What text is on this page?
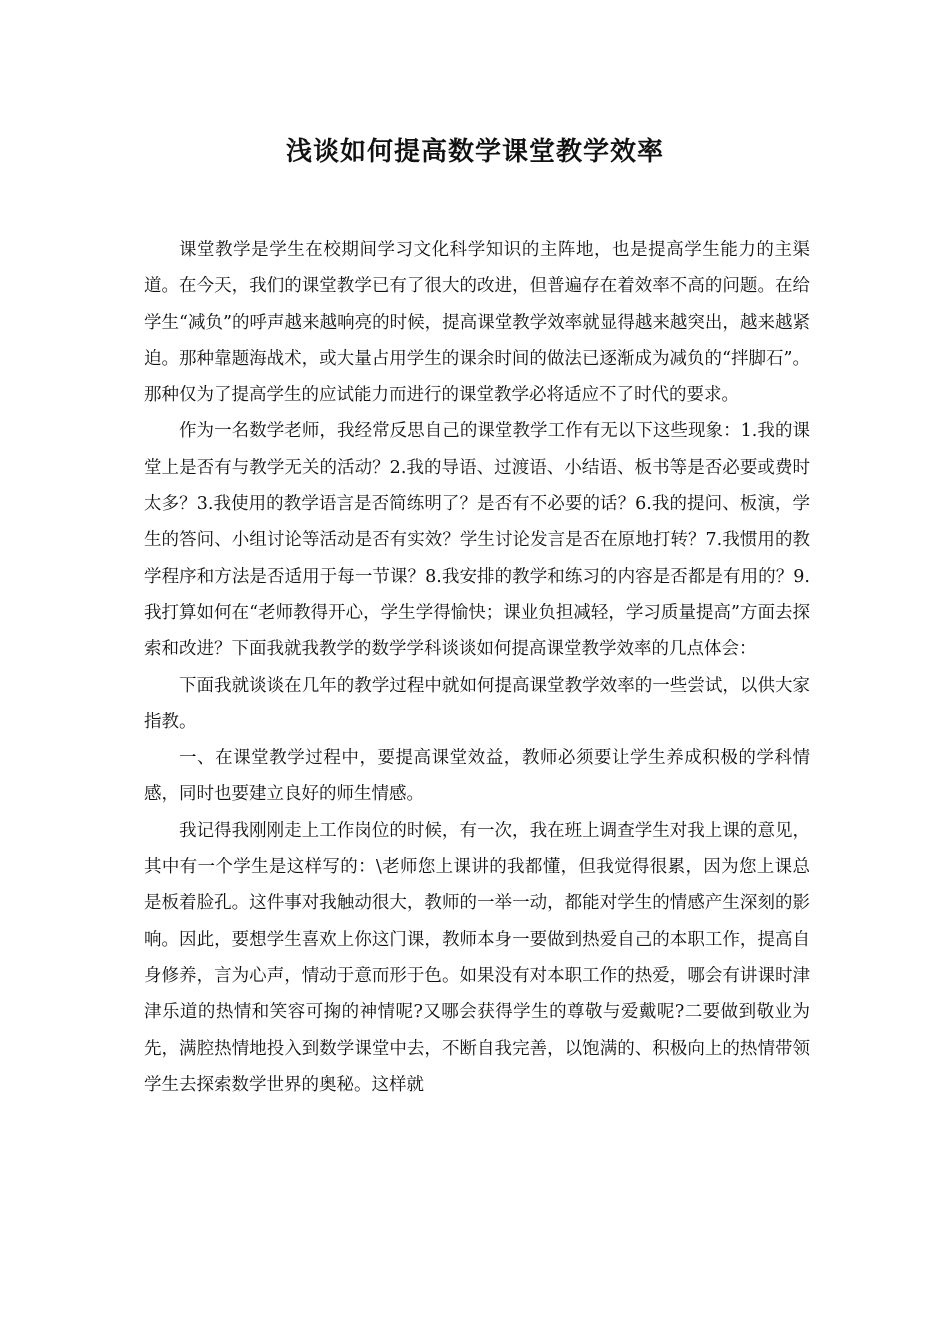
浅谈如何提高数学课堂教学效率

课堂教学是学生在校期间学习文化科学知识的主阵地，也是提高学生能力的主渠道。在今天，我们的课堂教学已有了很大的改进，但普遍存在着效率不高的问题。在给学生“减负”的呼声越来越响亮的时候，提高课堂教学效率就显得越来越突出，越来越紧迫。那种靠题海战术，或大量占用学生的课余时间的做法已逐渐成为减负的“拌脚石”。那种仅为了提高学生的应试能力而进行的课堂教学必将适应不了时代的要求。

作为一名数学老师，我经常反思自己的课堂教学工作有无以下这些现象：1.我的课堂上是否有与教学无关的活动？2.我的导语、过渡语、小结语、板书等是否必要或费时太多？3.我使用的教学语言是否简练明了？是否有不必要的话？6.我的提问、板演，学生的答问、小组讨论等活动是否有实效？学生讨论发言是否在原地打转？7.我惯用的教学程序和方法是否适用于每一节课？8.我安排的教学和练习的内容是否都是有用的？9.我打算如何在“老师教得开心，学生学得愉快；课业负担减轻，学习质量提高”方面去探索和改进？下面我就我教学的数学学科谈谈如何提高课堂教学效率的几点体会：

下面我就谈谈在几年的教学过程中就如何提高课堂教学效率的一些尝试，以供大家指教。

一、在课堂教学过程中，要提高课堂效益，教师必须要让学生养成积极的学科情感，同时也要建立良好的师生情感。

我记得我刚刚走上工作岗位的时候，有一次，我在班上调查学生对我上课的意见，其中有一个学生是这样写的：\老师您上课讲的我都懂，但我觉得很累，因为您上课总是板着脸孔。这件事对我触动很大，教师的一举一动，都能对学生的情感产生深刻的影响。因此，要想学生喜欢上你这门课，教师本身一要做到热爱自己的本职工作，提高自身修养，言为心声，情动于意而形于色。如果没有对本职工作的热爱，哪会有讲课时津津乐道的热情和笑容可掬的神情呢?又哪会获得学生的尊敬与爱戴呢?二要做到敬业为先，满腔热情地投入到数学课堂中去，不断自我完善，以饱满的、积极向上的热情带领学生去探索数学世界的奥秘。这样就
